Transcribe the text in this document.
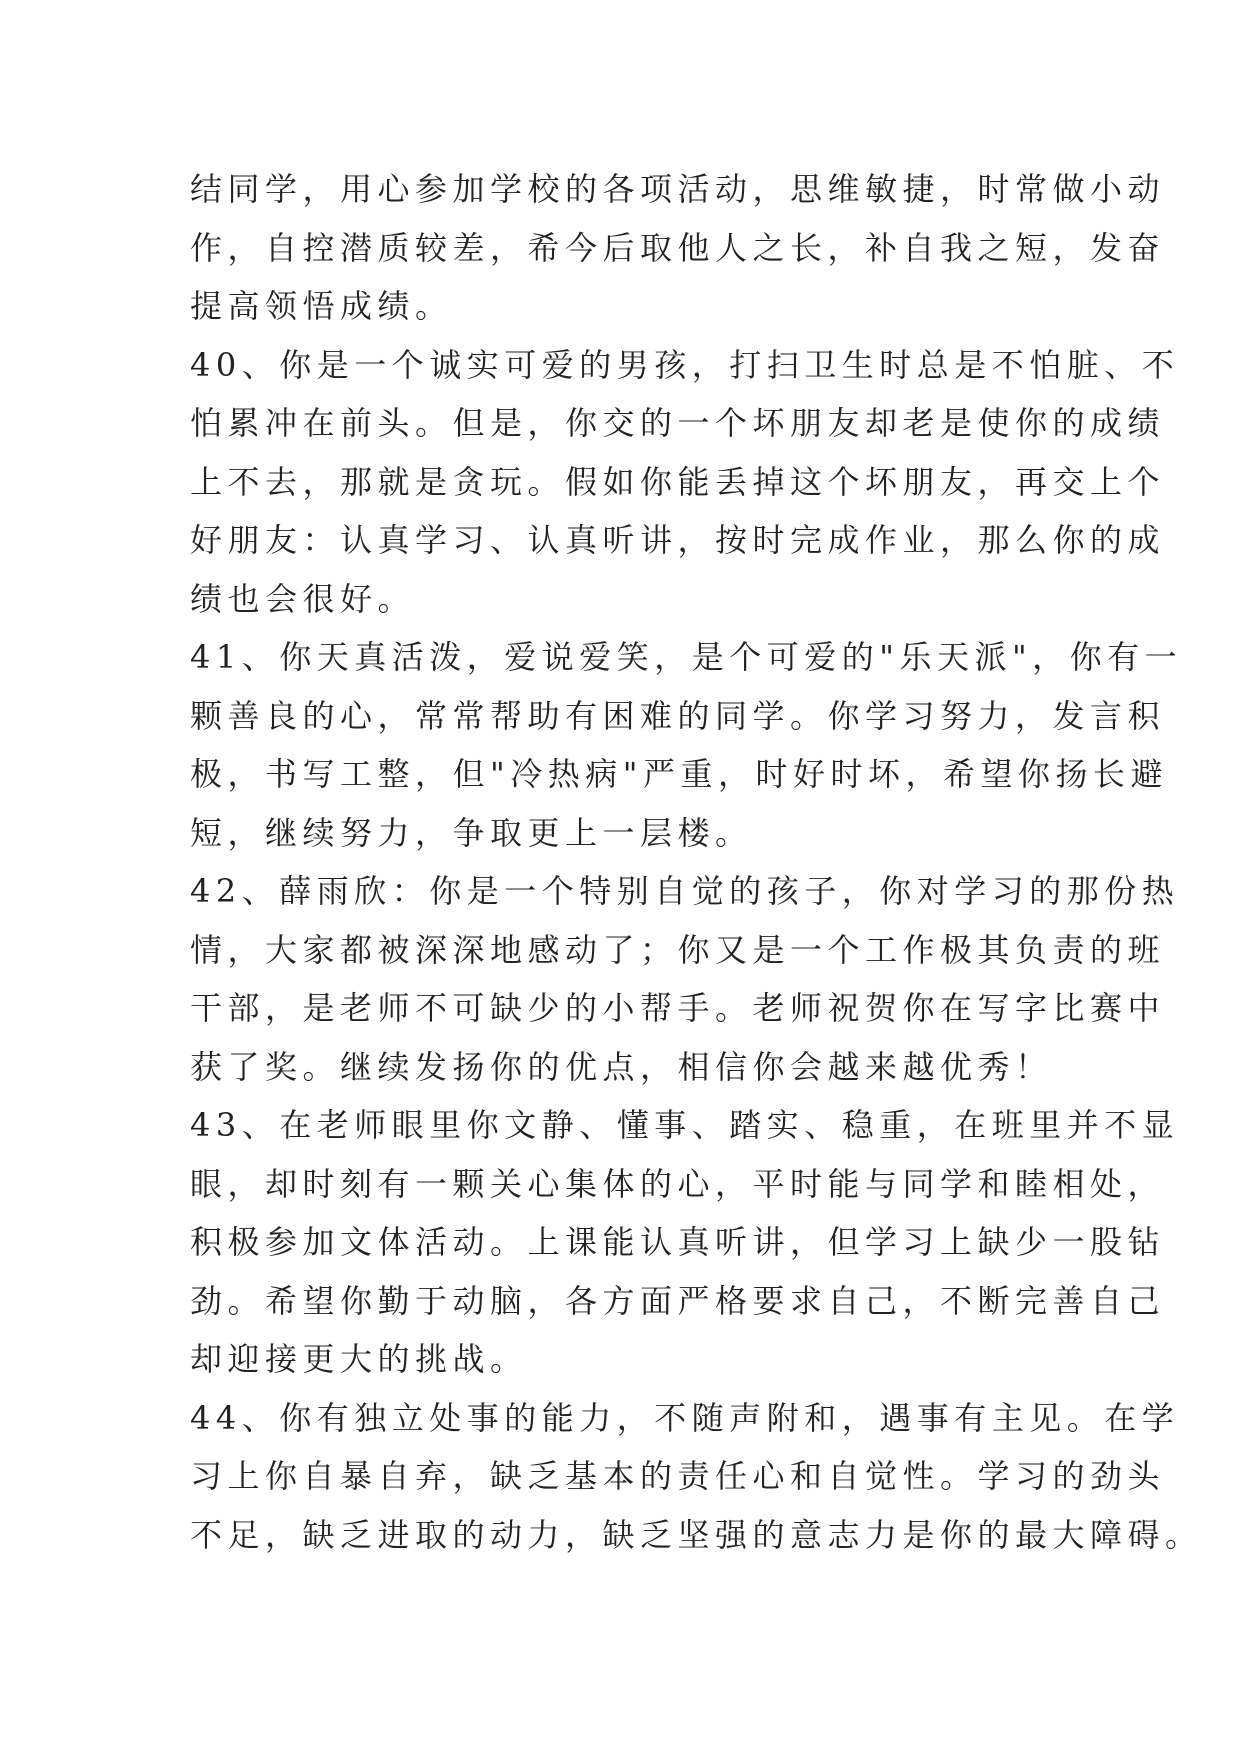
结同学，用心参加学校的各项活动，思维敏捷，时常做小动
作，自控潜质较差，希今后取他人之长，补自我之短，发奋
提高领悟成绩。
40、你是一个诚实可爱的男孩，打扫卫生时总是不怕脏、不
怕累冲在前头。但是，你交的一个坏朋友却老是使你的成绩
上不去，那就是贪玩。假如你能丢掉这个坏朋友，再交上个
好朋友：认真学习、认真听讲，按时完成作业，那么你的成
绩也会很好。
41、你天真活泼，爱说爱笑，是个可爱的"乐天派"，你有一
颗善良的心，常常帮助有困难的同学。你学习努力，发言积
极，书写工整，但"冷热病"严重，时好时坏，希望你扬长避
短，继续努力，争取更上一层楼。
42、薛雨欣：你是一个特别自觉的孩子，你对学习的那份热
情，大家都被深深地感动了；你又是一个工作极其负责的班
干部，是老师不可缺少的小帮手。老师祝贺你在写字比赛中
获了奖。继续发扬你的优点，相信你会越来越优秀！
43、在老师眼里你文静、懂事、踏实、稳重，在班里并不显
眼，却时刻有一颗关心集体的心，平时能与同学和睦相处，
积极参加文体活动。上课能认真听讲，但学习上缺少一股钻
劲。希望你勤于动脑，各方面严格要求自己，不断完善自己
却迎接更大的挑战。
44、你有独立处事的能力，不随声附和，遇事有主见。在学
习上你自暴自弃，缺乏基本的责任心和自觉性。学习的劲头
不足，缺乏进取的动力，缺乏坚强的意志力是你的最大障碍。
